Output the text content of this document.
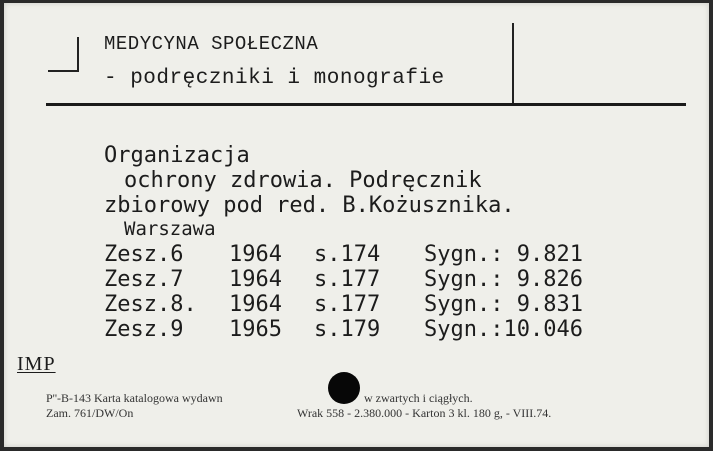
MEDYCYNA SPOŁECZNA
- podręczniki i monografie
Organizacja
ochrony zdrowia. Podręcznik
zbiorowy pod red. B.Kożusznika.
Warszawa
Zesz.6 1964 s.174 Sygn.: 9.821
Zesz.7 1964 s.177 Sygn.: 9.826
Zesz.8. 1964 s.177 Sygn.: 9.831
Zesz.9 1965 s.179 Sygn.:10.046
IMP
P''-B-143 Karta katalogowa wydawn	w zwartych i ciągłych.
Zam. 761/DW/On	Wrak 558 - 2.380.000 - Karton 3 kl. 180 g, - VIII.74.
